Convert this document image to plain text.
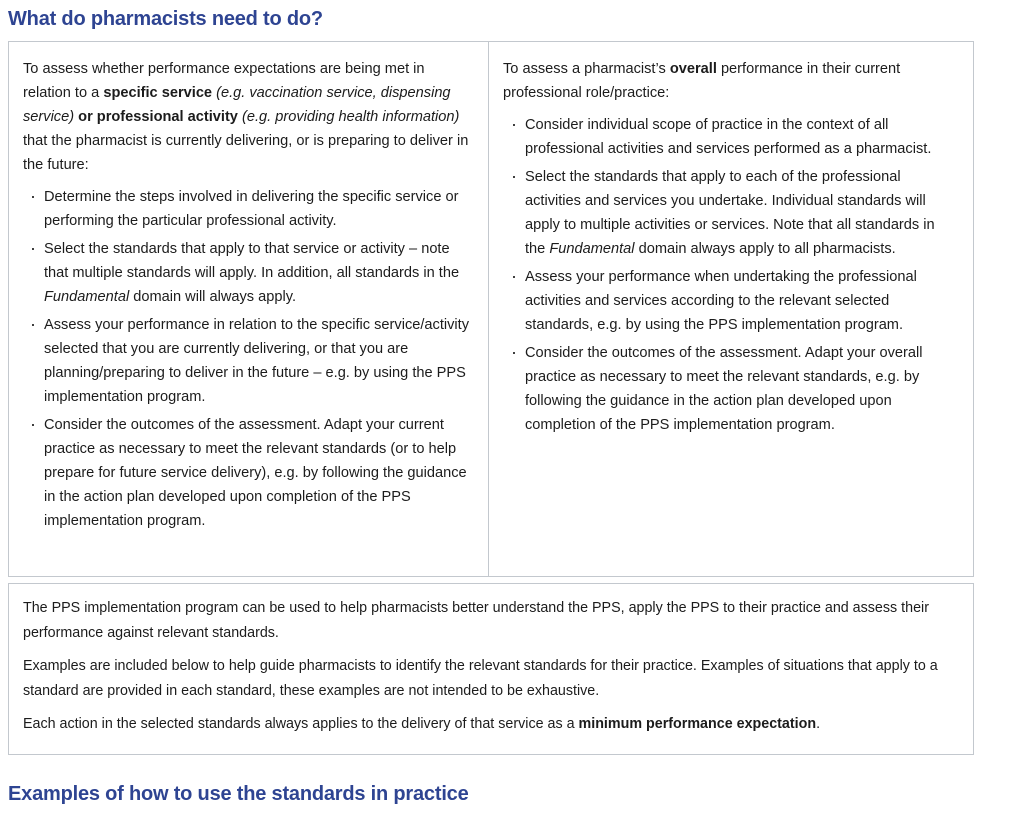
What do pharmacists need to do?

To assess whether performance expectations are being met in relation to a specific service (e.g. vaccination service, dispensing service) or professional activity (e.g. providing health information) that the pharmacist is currently delivering, or is preparing to deliver in the future:

· Determine the steps involved in delivering the specific service or performing the particular professional activity.
· Select the standards that apply to that service or activity – note that multiple standards will apply. In addition, all standards in the Fundamental domain will always apply.
· Assess your performance in relation to the specific service/activity selected that you are currently delivering, or that you are planning/preparing to deliver in the future – e.g. by using the PPS implementation program.
· Consider the outcomes of the assessment. Adapt your current practice as necessary to meet the relevant standards (or to help prepare for future service delivery), e.g. by following the guidance in the action plan developed upon completion of the PPS implementation program.

To assess a pharmacist’s overall performance in their current professional role/practice:

· Consider individual scope of practice in the context of all professional activities and services performed as a pharmacist.
· Select the standards that apply to each of the professional activities and services you undertake. Individual standards will apply to multiple activities or services. Note that all standards in the Fundamental domain always apply to all pharmacists.
· Assess your performance when undertaking the professional activities and services according to the relevant selected standards, e.g. by using the PPS implementation program.
· Consider the outcomes of the assessment. Adapt your overall practice as necessary to meet the relevant standards, e.g. by following the guidance in the action plan developed upon completion of the PPS implementation program.

The PPS implementation program can be used to help pharmacists better understand the PPS, apply the PPS to their practice and assess their performance against relevant standards.

Examples are included below to help guide pharmacists to identify the relevant standards for their practice. Examples of situations that apply to a standard are provided in each standard, these examples are not intended to be exhaustive.

Each action in the selected standards always applies to the delivery of that service as a minimum performance expectation.

Examples of how to use the standards in practice
